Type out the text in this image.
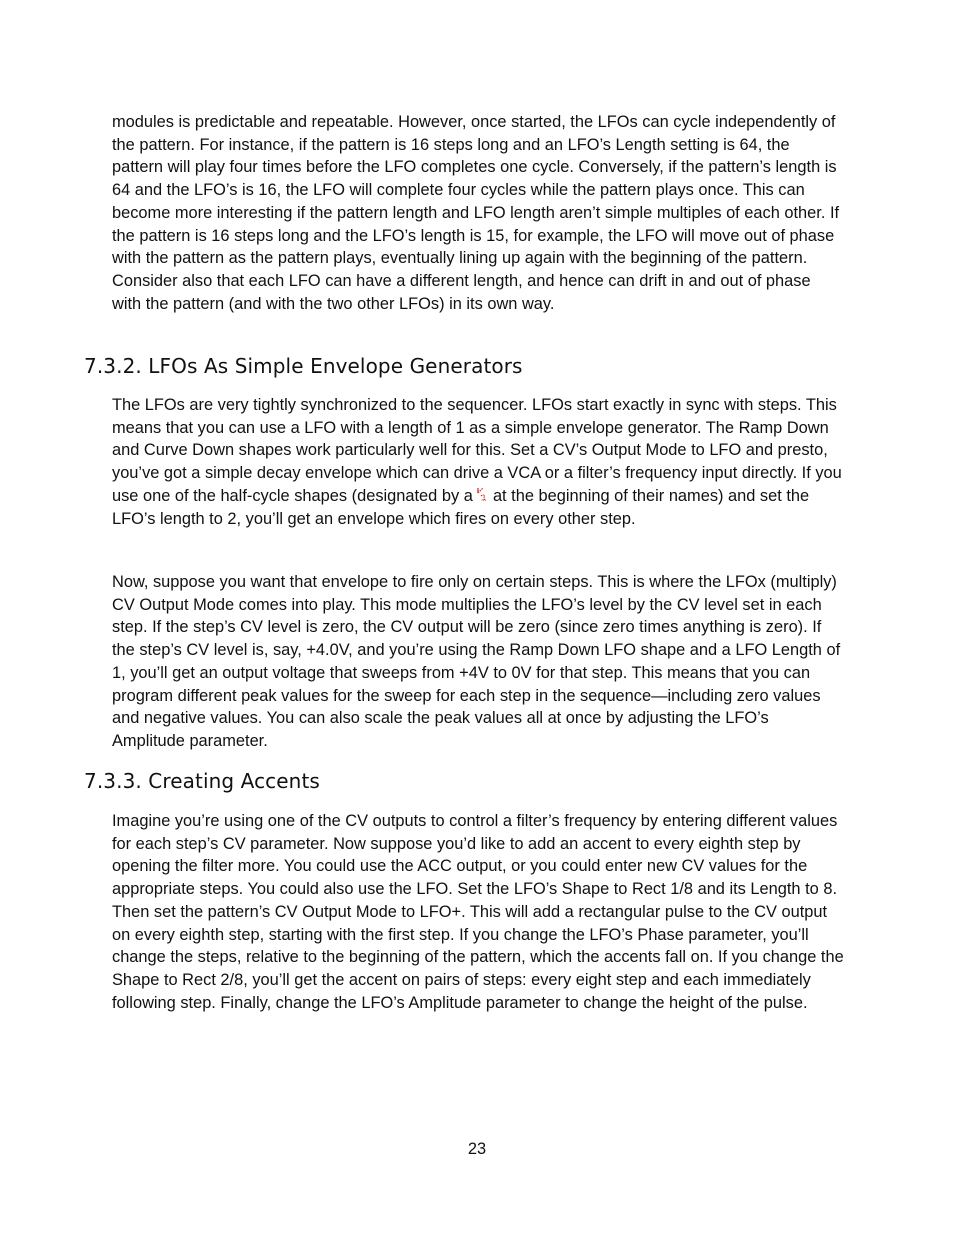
modules is predictable and repeatable. However, once started, the LFOs can cycle independently of the pattern. For instance, if the pattern is 16 steps long and an LFO’s Length setting is 64, the pattern will play four times before the LFO completes one cycle. Conversely, if the pattern’s length is 64 and the LFO’s is 16, the LFO will complete four cycles while the pattern plays once. This can become more interesting if the pattern length and LFO length aren’t simple multiples of each other. If the pattern is 16 steps long and the LFO’s length is 15, for example, the LFO will move out of phase with the pattern as the pattern plays, eventually lining up again with the beginning of the pattern. Consider also that each LFO can have a different length, and hence can drift in and out of phase with the pattern (and with the two other LFOs) in its own way.

7.3.2. LFOs As Simple Envelope Generators

The LFOs are very tightly synchronized to the sequencer. LFOs start exactly in sync with steps. This means that you can use a LFO with a length of 1 as a simple envelope generator. The Ramp Down and Curve Down shapes work particularly well for this. Set a CV’s Output Mode to LFO and presto, you’ve got a simple decay envelope which can drive a VCA or a filter’s frequency input directly. If you use one of the half-cycle shapes (designated by a  at the beginning of their names) and set the LFO’s length to 2, you’ll get an envelope which fires on every other step.

Now, suppose you want that envelope to fire only on certain steps. This is where the LFOx (multiply) CV Output Mode comes into play. This mode multiplies the LFO’s level by the CV level set in each step. If the step’s CV level is zero, the CV output will be zero (since zero times anything is zero). If the step’s CV level is, say, +4.0V, and you’re using the Ramp Down LFO shape and a LFO Length of 1, you’ll get an output voltage that sweeps from +4V to 0V for that step. This means that you can program different peak values for the sweep for each step in the sequence—including zero values and negative values. You can also scale the peak values all at once by adjusting the LFO’s Amplitude parameter.

7.3.3. Creating Accents

Imagine you’re using one of the CV outputs to control a filter’s frequency by entering different values for each step’s CV parameter. Now suppose you’d like to add an accent to every eighth step by opening the filter more. You could use the ACC output, or you could enter new CV values for the appropriate steps. You could also use the LFO. Set the LFO’s Shape to Rect 1/8 and its Length to 8. Then set the pattern’s CV Output Mode to LFO+. This will add a rectangular pulse to the CV output on every eighth step, starting with the first step. If you change the LFO’s Phase parameter, you’ll change the steps, relative to the beginning of the pattern, which the accents fall on. If you change the Shape to Rect 2/8, you’ll get the accent on pairs of steps: every eight step and each immediately following step. Finally, change the LFO’s Amplitude parameter to change the height of the pulse.

23
